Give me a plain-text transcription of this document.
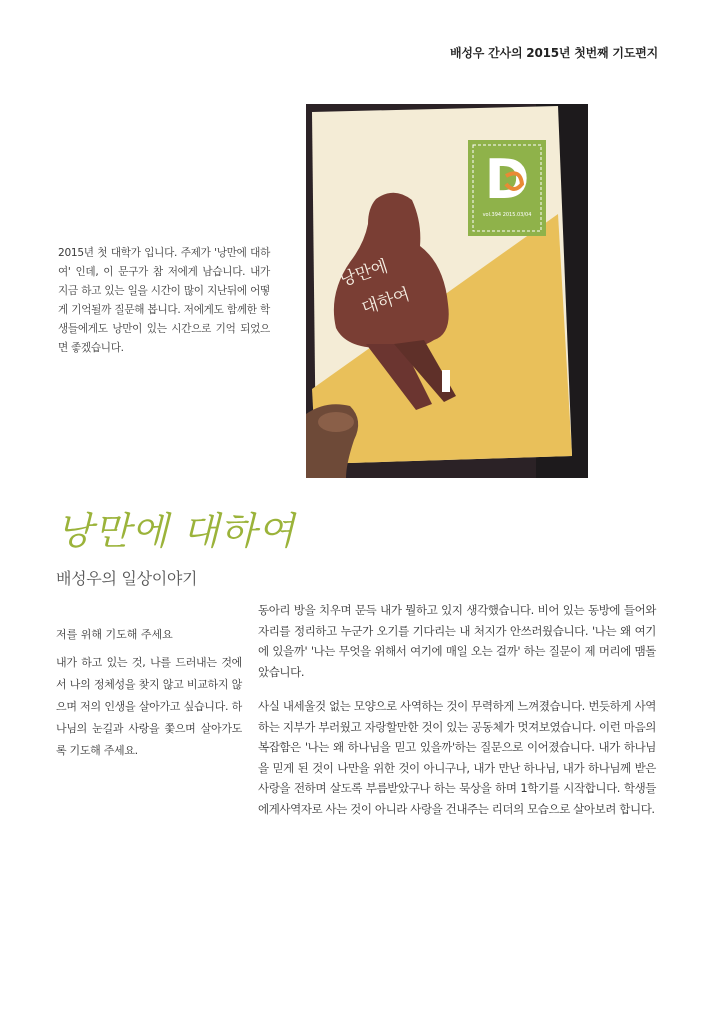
배성우 간사의 2015년 첫번째 기도편지
2015년 첫 대학가 입니다. 주제가 '낭만에 대하여' 인데, 이 문구가 참 저에게 남습니다. 내가 지금 하고 있는 일을 시간이 많이 지난뒤에 어떻게 기억될까 질문해 봅니다. 저에게도 함께한 학생들에게도 낭만이 있는 시간으로 기억 되었으면 좋겠습니다.
D
vol.394 2015.03/04
낭만에
대하여
낭만에 대하여
배성우의 일상이야기
저를 위해 기도해 주세요
내가 하고 있는 것, 나를 드러내는 것에서 나의 정체성을 찾지 않고 비교하지 않으며 저의 인생을 살아가고 싶습니다. 하나님의 눈길과 사랑을 쫓으며 살아가도록 기도해 주세요.

동아리 방을 치우며 문득 내가 뭘하고 있지 생각했습니다. 비어 있는 동방에 들어와 자리를 정리하고 누군가 오기를 기다리는 내 처지가 안쓰러웠습니다. '나는 왜 여기에 있을까' '나는 무엇을 위해서 여기에 매일 오는 걸까' 하는 질문이 제 머리에 맴돌았습니다.

사실 내세울것 없는 모양으로 사역하는 것이 무력하게 느껴졌습니다. 번듯하게 사역하는 지부가 부러웠고 자랑할만한 것이 있는 공동체가 멋져보였습니다. 이런 마음의 복잡함은 '나는 왜 하나님을 믿고 있을까'하는 질문으로 이어졌습니다. 내가 하나님을 믿게 된 것이 나만을 위한 것이 아니구나, 내가 만난 하나님, 내가 하나님께 받은 사랑을 전하며 살도록 부름받았구나 하는 묵상을 하며 1학기를 시작합니다. 학생들에게사역자로 사는 것이 아니라 사랑을 건내주는 리더의 모습으로 살아보려 합니다.
